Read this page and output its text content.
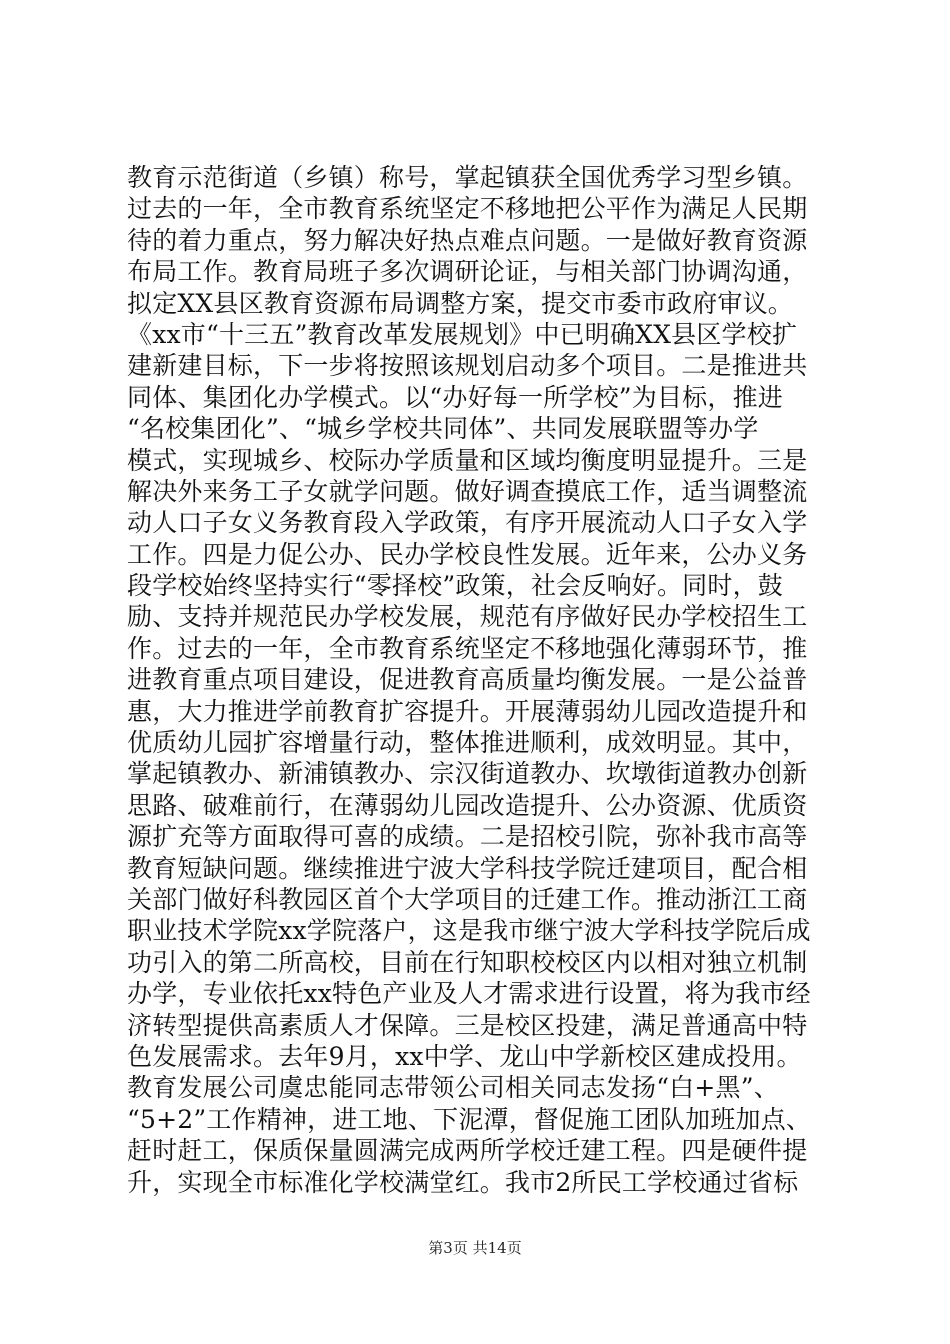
教育示范街道（乡镇）称号，掌起镇获全国优秀学习型乡镇。
过去的一年，全市教育系统坚定不移地把公平作为满足人民期
待的着力重点，努力解决好热点难点问题。一是做好教育资源
布局工作。教育局班子多次调研论证，与相关部门协调沟通，
拟定XX县区教育资源布局调整方案，提交市委市政府审议。
《xx市“十三五”教育改革发展规划》中已明确XX县区学校扩
建新建目标，下一步将按照该规划启动多个项目。二是推进共
同体、集团化办学模式。以“办好每一所学校”为目标，推进
“名校集团化”、“城乡学校共同体”、共同发展联盟等办学
模式，实现城乡、校际办学质量和区域均衡度明显提升。三是
解决外来务工子女就学问题。做好调查摸底工作，适当调整流
动人口子女义务教育段入学政策，有序开展流动人口子女入学
工作。四是力促公办、民办学校良性发展。近年来，公办义务
段学校始终坚持实行“零择校”政策，社会反响好。同时，鼓
励、支持并规范民办学校发展，规范有序做好民办学校招生工
作。过去的一年，全市教育系统坚定不移地强化薄弱环节，推
进教育重点项目建设，促进教育高质量均衡发展。一是公益普
惠，大力推进学前教育扩容提升。开展薄弱幼儿园改造提升和
优质幼儿园扩容增量行动，整体推进顺利，成效明显。其中，
掌起镇教办、新浦镇教办、宗汉街道教办、坎墩街道教办创新
思路、破难前行，在薄弱幼儿园改造提升、公办资源、优质资
源扩充等方面取得可喜的成绩。二是招校引院，弥补我市高等
教育短缺问题。继续推进宁波大学科技学院迁建项目，配合相
关部门做好科教园区首个大学项目的迁建工作。推动浙江工商
职业技术学院xx学院落户，这是我市继宁波大学科技学院后成
功引入的第二所高校，目前在行知职校校区内以相对独立机制
办学，专业依托xx特色产业及人才需求进行设置，将为我市经
济转型提供高素质人才保障。三是校区投建，满足普通高中特
色发展需求。去年9月，xx中学、龙山中学新校区建成投用。
教育发展公司虞忠能同志带领公司相关同志发扬“白+黑”、
“5+2”工作精神，进工地、下泥潭，督促施工团队加班加点、
赶时赶工，保质保量圆满完成两所学校迁建工程。四是硬件提
升，实现全市标准化学校满堂红。我市2所民工学校通过省标
第3页 共14页
